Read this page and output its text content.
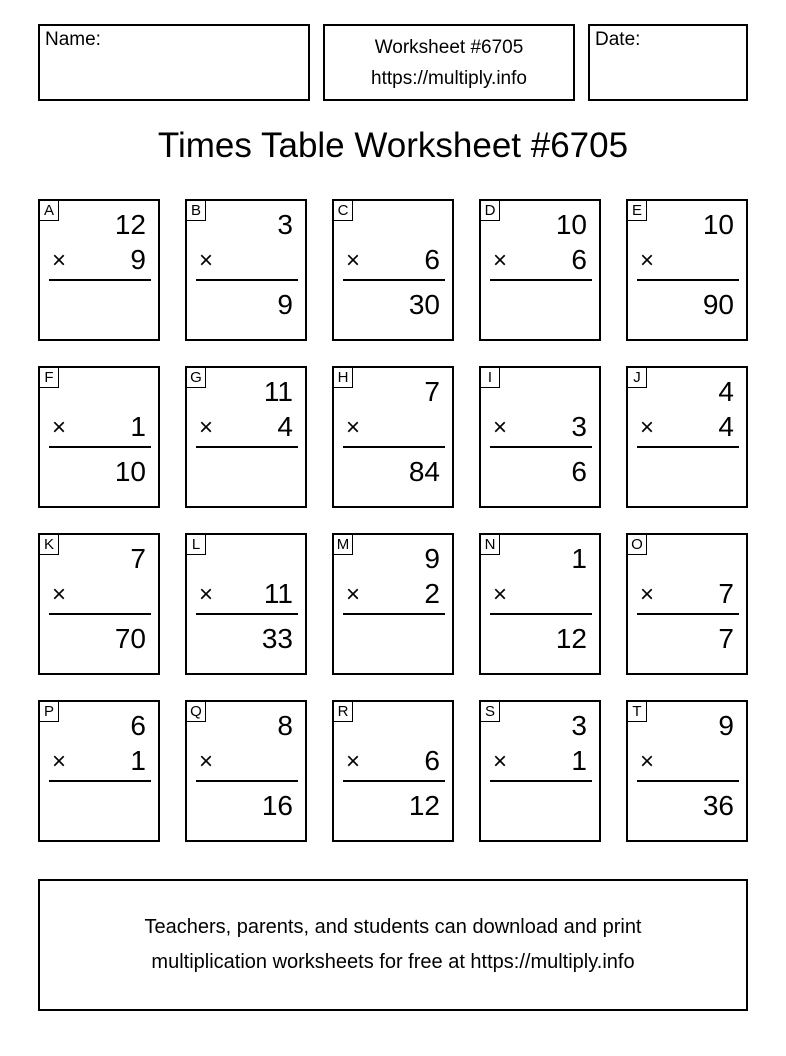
Name:	Worksheet #6705
https://multiply.info
Date:
Times Table Worksheet #6705
A 12
× 9
B	3
×
9
C
× 6
30
D 10
× 6
E 10
×
90
F
× 1
10
G 11
× 4
H	7
×
84
I
× 3
6
J	4
× 4
K	7
×
70
L
× 11
33
M	9
× 2
N	1
×
12
O
× 7
7
P	6
× 1
Q	8
×
16
R
× 6
12
S	3
× 1
T	9
×
36
Teachers, parents, and students can download and print
multiplication worksheets for free at https://multiply.info
